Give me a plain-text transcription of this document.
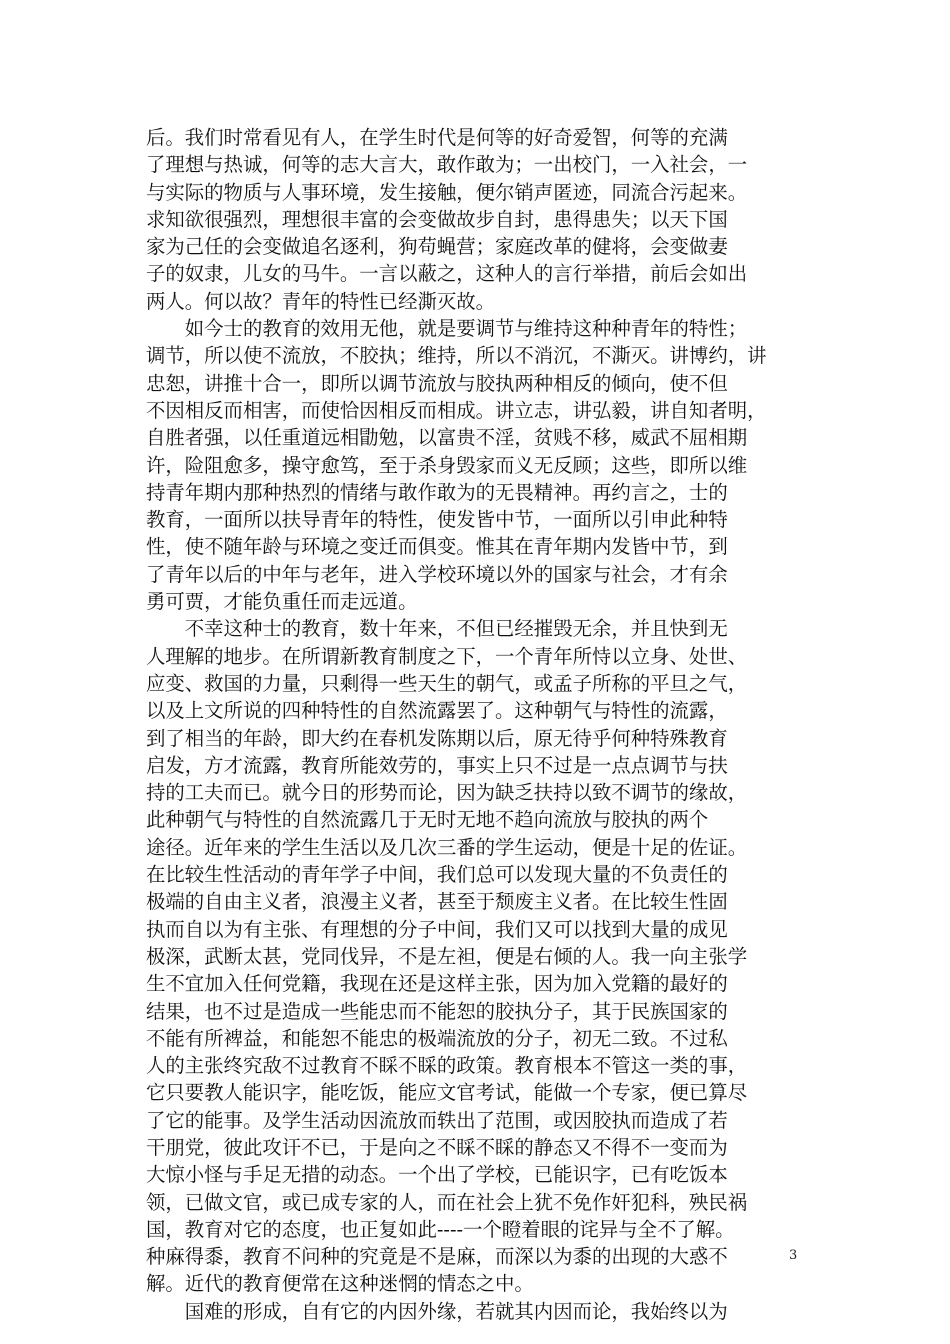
后。我们时常看见有人，在学生时代是何等的好奇爱智，何等的充满
了理想与热诚，何等的志大言大，敢作敢为；一出校门，一入社会，一
与实际的物质与人事环境，发生接触，便尔销声匿迹，同流合污起来。
求知欲很强烈，理想很丰富的会变做故步自封，患得患失；以天下国
家为己任的会变做追名逐利，狗苟蝇营；家庭改革的健将，会变做妻
子的奴隶，儿女的马牛。一言以蔽之，这种人的言行举措，前后会如出
两人。何以故？青年的特性已经澌灭故。
　　如今士的教育的效用无他，就是要调节与维持这种种青年的特性；
调节，所以使不流放，不胶执；维持，所以不消沉，不澌灭。讲博约，讲
忠恕，讲推十合一，即所以调节流放与胶执两种相反的倾向，使不但
不因相反而相害，而使恰因相反而相成。讲立志，讲弘毅，讲自知者明，
自胜者强，以任重道远相勖勉，以富贵不淫，贫贱不移，威武不屈相期
许，险阻愈多，操守愈笃，至于杀身毁家而义无反顾；这些，即所以维
持青年期内那种热烈的情绪与敢作敢为的无畏精神。再约言之，士的
教育，一面所以扶导青年的特性，使发皆中节，一面所以引申此种特
性，使不随年龄与环境之变迁而俱变。惟其在青年期内发皆中节，到
了青年以后的中年与老年，进入学校环境以外的国家与社会，才有余
勇可贾，才能负重任而走远道。
　　不幸这种士的教育，数十年来，不但已经摧毁无余，并且快到无
人理解的地步。在所谓新教育制度之下，一个青年所恃以立身、处世、
应变、救国的力量，只剩得一些天生的朝气，或孟子所称的平旦之气，
以及上文所说的四种特性的自然流露罢了。这种朝气与特性的流露，
到了相当的年龄，即大约在春机发陈期以后，原无待乎何种特殊教育
启发，方才流露，教育所能效劳的，事实上只不过是一点点调节与扶
持的工夫而已。就今日的形势而论，因为缺乏扶持以致不调节的缘故，
此种朝气与特性的自然流露几于无时无地不趋向流放与胶执的两个
途径。近年来的学生生活以及几次三番的学生运动，便是十足的佐证。
在比较生性活动的青年学子中间，我们总可以发现大量的不负责任的
极端的自由主义者，浪漫主义者，甚至于颓废主义者。在比较生性固
执而自以为有主张、有理想的分子中间，我们又可以找到大量的成见
极深，武断太甚，党同伐异，不是左袒，便是右倾的人。我一向主张学
生不宜加入任何党籍，我现在还是这样主张，因为加入党籍的最好的
结果，也不过是造成一些能忠而不能恕的胶执分子，其于民族国家的
不能有所裨益，和能恕不能忠的极端流放的分子，初无二致。不过私
人的主张终究敌不过教育不睬不睬的政策。教育根本不管这一类的事，
它只要教人能识字，能吃饭，能应文官考试，能做一个专家，便已算尽
了它的能事。及学生活动因流放而轶出了范围，或因胶执而造成了若
干朋党，彼此攻讦不已，于是向之不睬不睬的静态又不得不一变而为
大惊小怪与手足无措的动态。一个出了学校，已能识字，已有吃饭本
领，已做文官，或已成专家的人，而在社会上犹不免作奸犯科，殃民祸
国，教育对它的态度，也正复如此----一个瞪着眼的诧异与全不了解。
种麻得黍，教育不问种的究竟是不是麻，而深以为黍的出现的大惑不
解。近代的教育便常在这种迷惘的情态之中。
　　国难的形成，自有它的内因外缘，若就其内因而论，我始终以为
3
